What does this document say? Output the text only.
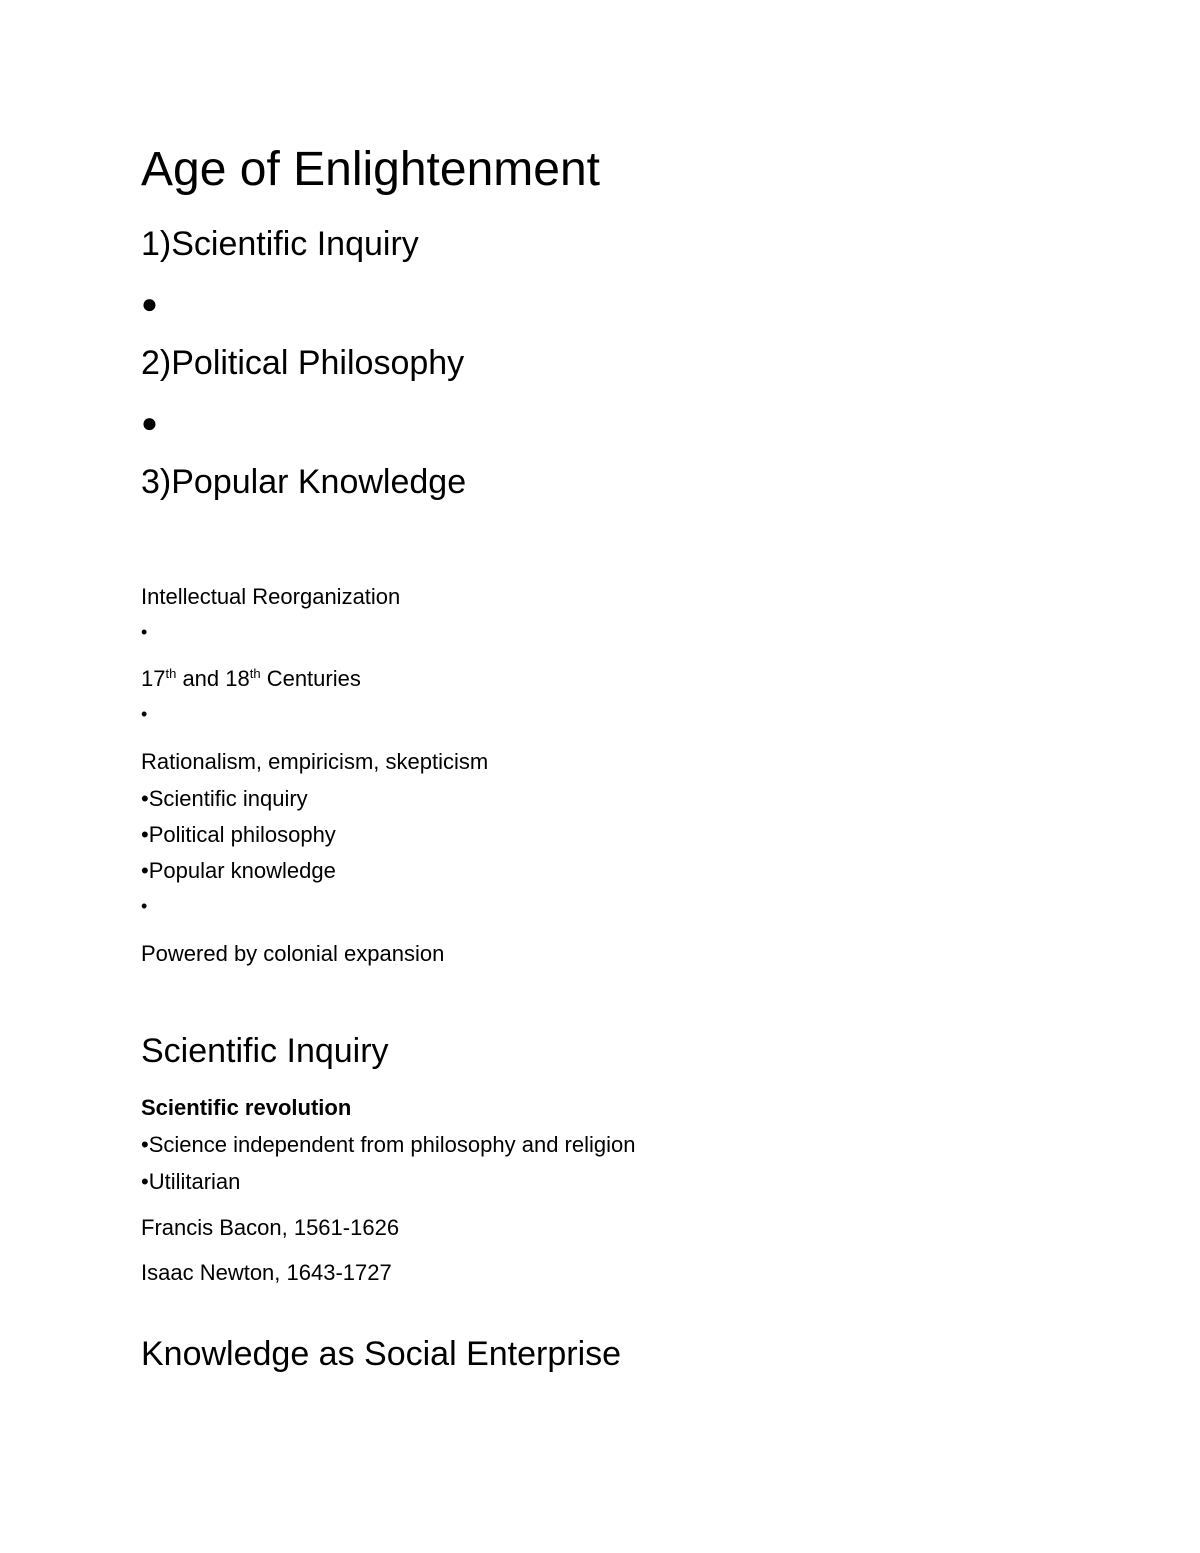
Age of Enlightenment
1)Scientific Inquiry
●
2)Political Philosophy
●
3)Popular Knowledge
Intellectual Reorganization
•
17th and 18th Centuries
•
Rationalism, empiricism, skepticism
•Scientific inquiry
•Political philosophy
•Popular knowledge
•
Powered by colonial expansion
Scientific Inquiry
Scientific revolution
•Science independent from philosophy and religion
•Utilitarian
Francis Bacon, 1561-1626
Isaac Newton, 1643-1727
Knowledge as Social Enterprise
